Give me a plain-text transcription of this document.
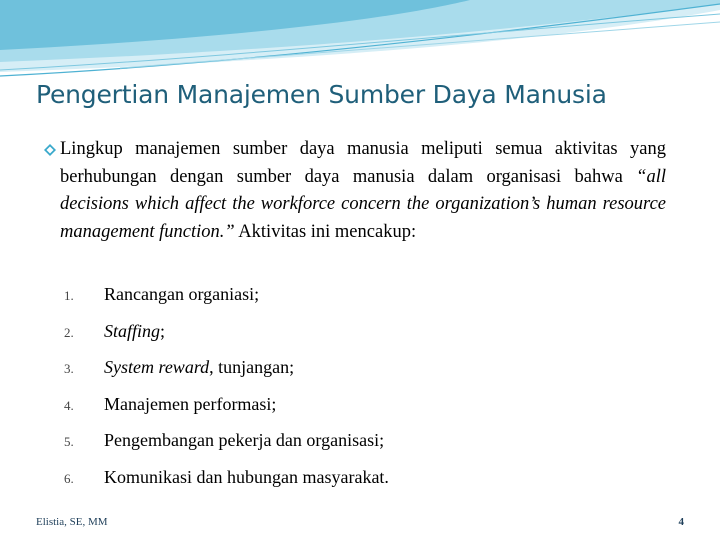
Pengertian Manajemen Sumber Daya Manusia

Lingkup manajemen sumber daya manusia meliputi semua aktivitas yang berhubungan dengan sumber daya manusia dalam organisasi bahwa “all decisions which affect the workforce concern the organization’s human resource management function.” Aktivitas ini mencakup:

1.	Rancangan organiasi;
2.	Staffing;
3.	System reward, tunjangan;
4.	Manajemen performasi;
5.	Pengembangan pekerja dan organisasi;
6.	Komunikasi dan hubungan masyarakat.
Elistia, SE, MM	4
